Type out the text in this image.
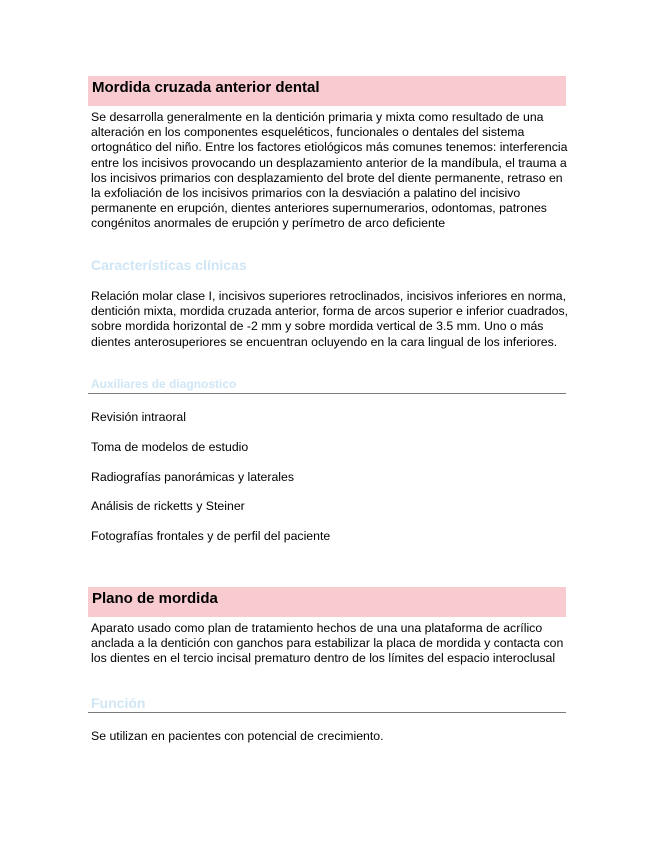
Mordida cruzada anterior dental

Se desarrolla generalmente en la dentición primaria y mixta como resultado de una alteración en los componentes esqueléticos, funcionales o dentales del sistema ortognático del niño. Entre los factores etiológicos más comunes tenemos: interferencia entre los incisivos provocando un desplazamiento anterior de la mandíbula, el trauma a los incisivos primarios con desplazamiento del brote del diente permanente, retraso en la exfoliación de los incisivos primarios con la desviación a palatino del incisivo permanente en erupción, dientes anteriores supernumerarios, odontomas, patrones congénitos anormales de erupción y perímetro de arco deficiente

Características clínicas

Relación molar clase I, incisivos superiores retroclinados, incisivos inferiores en norma, dentición mixta, mordida cruzada anterior, forma de arcos superior e inferior cuadrados, sobre mordida horizontal de -2 mm y sobre mordida vertical de 3.5 mm. Uno o más dientes anterosuperiores se encuentran ocluyendo en la cara lingual de los inferiores.

Auxiliares de diagnostico

Revisión intraoral

Toma de modelos de estudio

Radiografías panorámicas y laterales

Análisis de ricketts y Steiner

Fotografías frontales y de perfil del paciente

Plano de mordida

Aparato usado como plan de tratamiento hechos de una una plataforma de acrílico anclada a la dentición con ganchos para estabilizar la placa de mordida y contacta con los dientes en el tercio incisal prematuro dentro de los límites del espacio interoclusal

Función

Se utilizan en pacientes con potencial de crecimiento.
